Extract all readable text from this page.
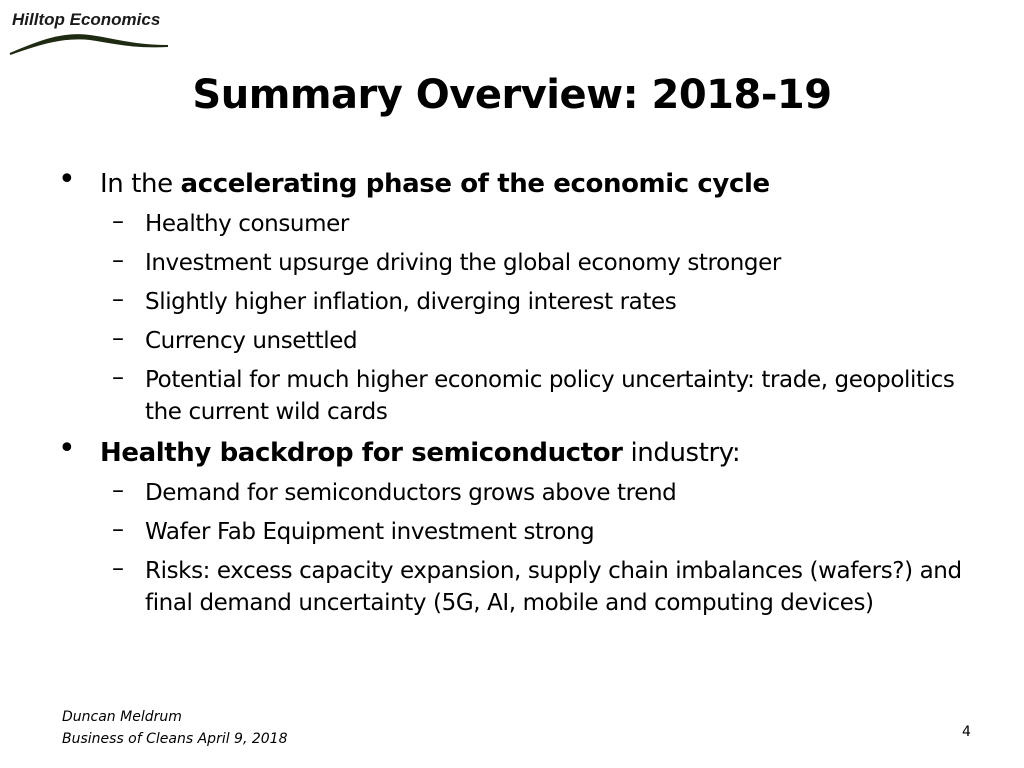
Hilltop Economics
Summary Overview: 2018-19
• In the accelerating phase of the economic cycle
– Healthy consumer
– Investment upsurge driving the global economy stronger
– Slightly higher inflation, diverging interest rates
– Currency unsettled
– Potential for much higher economic policy uncertainty: trade, geopolitics the current wild cards
• Healthy backdrop for semiconductor industry:
– Demand for semiconductors grows above trend
– Wafer Fab Equipment investment strong
– Risks: excess capacity expansion, supply chain imbalances (wafers?) and final demand uncertainty (5G, AI, mobile and computing devices)
Duncan Meldrum
Business of Cleans April 9, 2018	4
